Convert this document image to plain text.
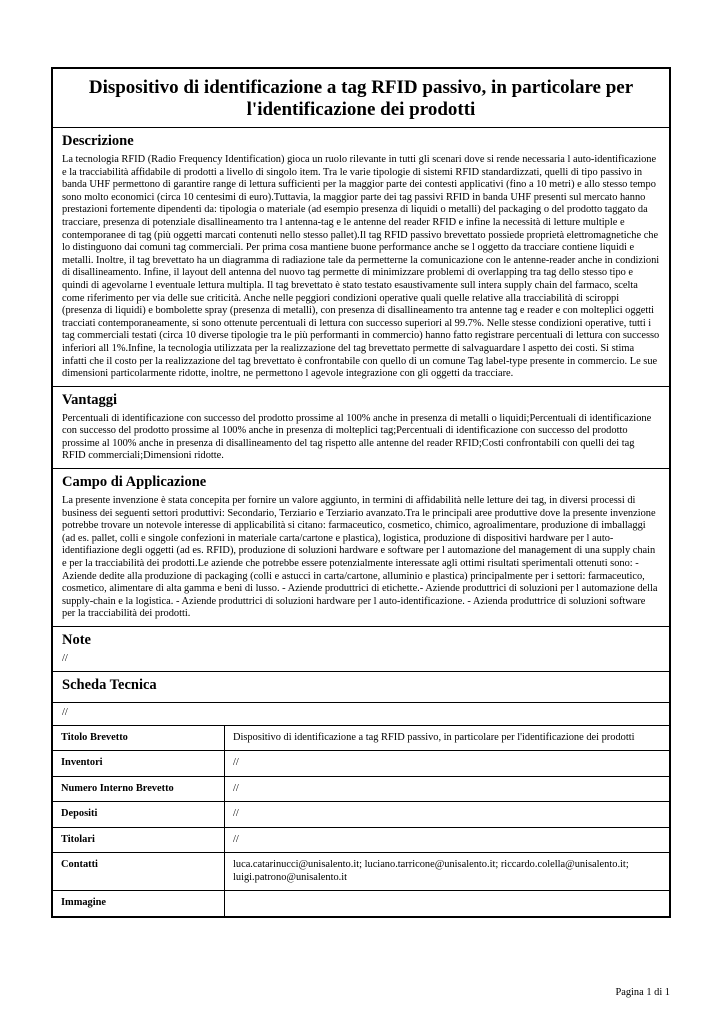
Dispositivo di identificazione a tag RFID passivo, in particolare per l'identificazione dei prodotti
Descrizione

La tecnologia RFID (Radio Frequency Identification) gioca un ruolo rilevante in tutti gli scenari dove si rende necessaria l auto-identificazione e la tracciabilità affidabile di prodotti a livello di singolo item. Tra le varie tipologie di sistemi RFID standardizzati, quelli di tipo passivo in banda UHF permettono di garantire range di lettura sufficienti per la maggior parte dei contesti applicativi (fino a 10 metri) e allo stesso tempo sono molto economici (circa 10 centesimi di euro).Tuttavia, la maggior parte dei tag passivi RFID in banda UHF presenti sul mercato hanno prestazioni fortemente dipendenti da: tipologia o materiale (ad esempio presenza di liquidi o metalli) del packaging o del prodotto taggato da tracciare, presenza di potenziale disallineamento tra l antenna-tag e le antenne del reader RFID e infine la necessità di letture multiple e contemporanee di tag (più oggetti marcati contenuti nello stesso pallet).Il tag RFID passivo brevettato possiede proprietà elettromagnetiche che lo distinguono dai comuni tag commerciali. Per prima cosa mantiene buone performance anche se l oggetto da tracciare contiene liquidi e metalli. Inoltre, il tag brevettato ha un diagramma di radiazione tale da permetterne la comunicazione con le antenne-reader anche in condizioni di disallineamento. Infine, il layout dell antenna del nuovo tag permette di minimizzare problemi di overlapping tra tag dello stesso tipo e quindi di agevolarne l eventuale lettura multipla. Il tag brevettato è stato testato esaustivamente sull intera supply chain del farmaco, scelta come riferimento per via delle sue criticità. Anche nelle peggiori condizioni operative quali quelle relative alla tracciabilità di sciroppi (presenza di liquidi) e bombolette spray (presenza di metalli), con presenza di disallineamento tra antenne tag e reader e con molteplici oggetti tracciati contemporaneamente, si sono ottenute percentuali di lettura con successo superiori al 99.7%. Nelle stesse condizioni operative, tutti i tag commerciali testati (circa 10 diverse tipologie tra le più performanti in commercio) hanno fatto registrare percentuali di lettura con successo inferiori all 1%.Infine, la tecnologia utilizzata per la realizzazione del tag brevettato permette di salvaguardare l aspetto dei costi. Si stima infatti che il costo per la realizzazione del tag brevettato è confrontabile con quello di un comune Tag label-type presente in commercio. Le sue dimensioni particolarmente ridotte, inoltre, ne permettono l agevole integrazione con gli oggetti da tracciare.

Vantaggi

Percentuali di identificazione con successo del prodotto prossime al 100% anche in presenza di metalli o liquidi;Percentuali di identificazione con successo del prodotto prossime al 100% anche in presenza di molteplici tag;Percentuali di identificazione con successo del prodotto prossime al 100% anche in presenza di disallineamento del tag rispetto alle antenne del reader RFID;Costi confrontabili con quelli dei tag RFID commerciali;Dimensioni ridotte.

Campo di Applicazione

La presente invenzione è stata concepita per fornire un valore aggiunto, in termini di affidabilità nelle letture dei tag, in diversi processi di business dei seguenti settori produttivi: Secondario, Terziario e Terziario avanzato.Tra le principali aree produttive dove la presente invenzione potrebbe trovare un notevole interesse di applicabilità si citano: farmaceutico, cosmetico, chimico, agroalimentare, produzione di imballaggi (ad es. pallet, colli e singole confezioni in materiale carta/cartone e plastica), logistica, produzione di dispositivi hardware per l auto-identifiazione degli oggetti (ad es. RFID), produzione di soluzioni hardware e software per l automazione del management di una supply chain e per la tracciabilità dei prodotti.Le aziende che potrebbe essere potenzialmente interessate agli ottimi risultati sperimentali ottenuti sono: - Aziende dedite alla produzione di packaging (colli e astucci in carta/cartone, alluminio e plastica) principalmente per i settori: farmaceutico, cosmetico, alimentare di alta gamma e beni di lusso. - Aziende produttrici di etichette.- Aziende produttrici di soluzioni per l automazione della supply-chain e la logistica. - Aziende produttrici di soluzioni hardware per l auto-identificazione. - Azienda produttrice di soluzioni software per la tracciabilità dei prodotti.

Note

//

Scheda Tecnica
//
Titolo Brevetto	Dispositivo di identificazione a tag RFID passivo, in particolare per l'identificazione dei prodotti
Inventori	//
Numero Interno Brevetto	//
Depositi	//
Titolari	//
Contatti	luca.catarinucci@unisalento.it; luciano.tarricone@unisalento.it; riccardo.colella@unisalento.it; luigi.patrono@unisalento.it
Immagine	
Pagina 1 di 1
